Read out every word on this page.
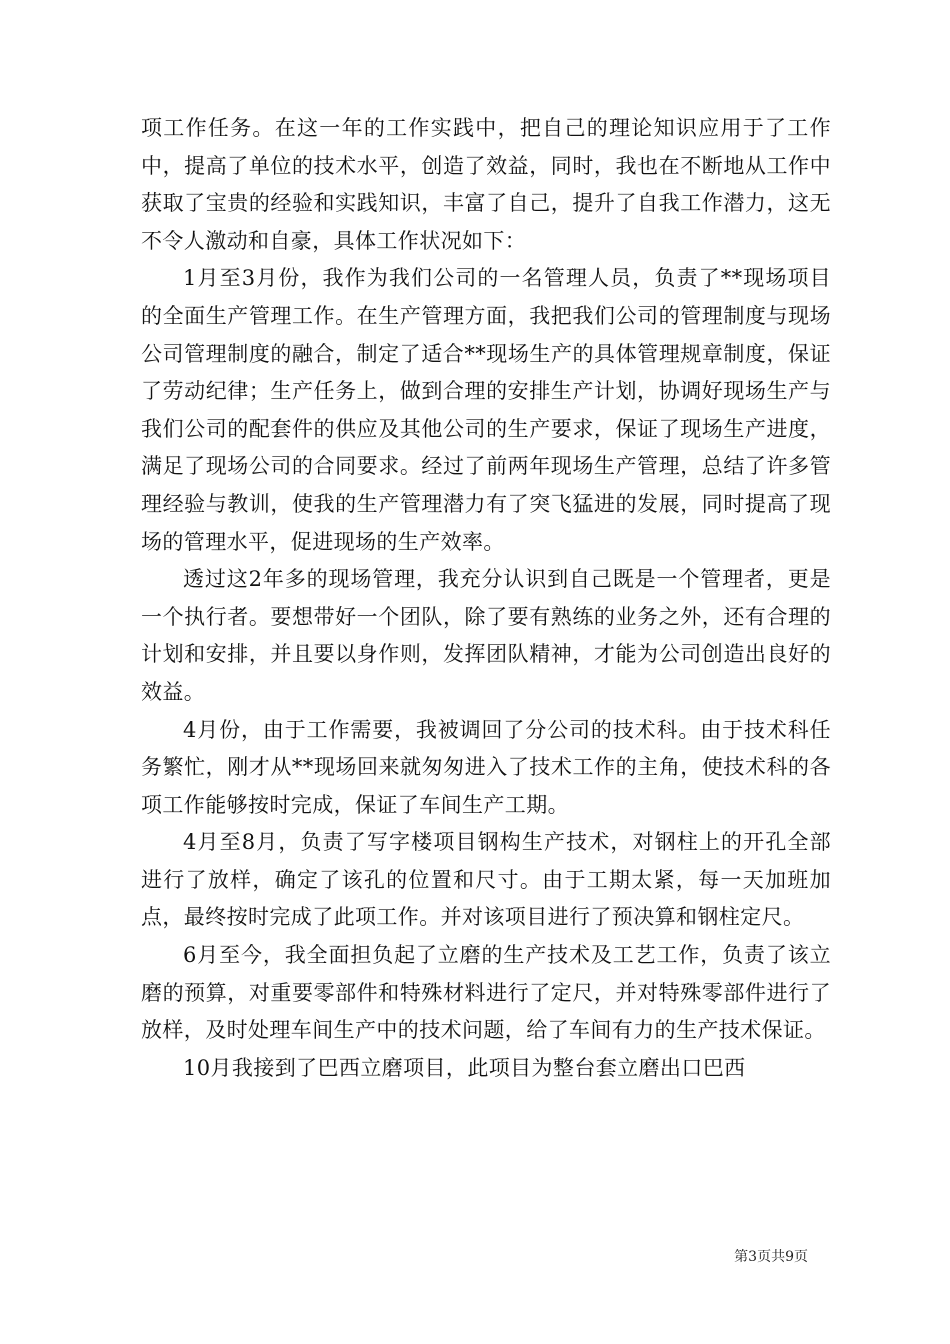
项工作任务。在这一年的工作实践中，把自己的理论知识应用于了工作中，提高了单位的技术水平，创造了效益，同时，我也在不断地从工作中获取了宝贵的经验和实践知识，丰富了自己，提升了自我工作潜力，这无不令人激动和自豪，具体工作状况如下：

1月至3月份，我作为我们公司的一名管理人员，负责了**现场项目的全面生产管理工作。在生产管理方面，我把我们公司的管理制度与现场公司管理制度的融合，制定了适合**现场生产的具体管理规章制度，保证了劳动纪律；生产任务上，做到合理的安排生产计划，协调好现场生产与我们公司的配套件的供应及其他公司的生产要求，保证了现场生产进度，满足了现场公司的合同要求。经过了前两年现场生产管理，总结了许多管理经验与教训，使我的生产管理潜力有了突飞猛进的发展，同时提高了现场的管理水平，促进现场的生产效率。

透过这2年多的现场管理，我充分认识到自己既是一个管理者，更是一个执行者。要想带好一个团队，除了要有熟练的业务之外，还有合理的计划和安排，并且要以身作则，发挥团队精神，才能为公司创造出良好的效益。

4月份，由于工作需要，我被调回了分公司的技术科。由于技术科任务繁忙，刚才从**现场回来就匆匆进入了技术工作的主角，使技术科的各项工作能够按时完成，保证了车间生产工期。

4月至8月，负责了写字楼项目钢构生产技术，对钢柱上的开孔全部进行了放样，确定了该孔的位置和尺寸。由于工期太紧，每一天加班加点，最终按时完成了此项工作。并对该项目进行了预决算和钢柱定尺。

6月至今，我全面担负起了立磨的生产技术及工艺工作，负责了该立磨的预算，对重要零部件和特殊材料进行了定尺，并对特殊零部件进行了放样，及时处理车间生产中的技术问题，给了车间有力的生产技术保证。

10月我接到了巴西立磨项目，此项目为整台套立磨出口巴西

第3页共9页
